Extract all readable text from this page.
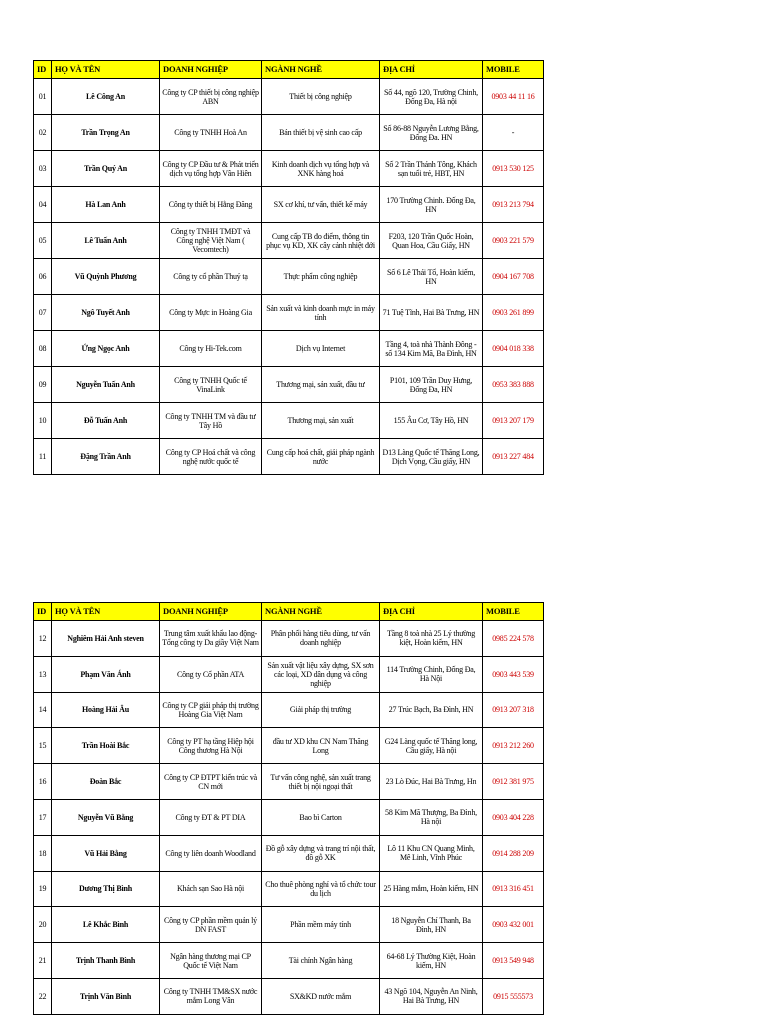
ID	HỌ VÀ TÊN	DOANH NGHIỆP	NGÀNH NGHỀ	ĐỊA CHỈ	MOBILE
01	Lê Công An	Công ty CP thiết bị công nghiệp ABN	Thiết bị công nghiệp	Số 44, ngõ 120, Trường Chinh, Đống Đa, Hà nội	0903 44 11 16
02	Trần Trọng An	Công ty TNHH Hoà An	Bán thiết bị vệ sinh cao cấp	Số 86-88 Nguyễn Lương Bằng, Đống Đa. HN	-
03	Trần Quý An	Công ty CP Đầu tư & Phát triển dịch vụ tổng hợp Vân Hiên	Kinh doanh dịch vụ tổng hợp và XNK hàng hoá	Số 2 Trần Thánh Tông, Khách sạn tuổi trẻ, HBT, HN	0913 530 125
04	Hà Lan Anh	Công ty thiết bị Hằng Đăng	SX cơ khí, tư vấn, thiết kế máy	170 Trường Chinh. Đống Đa, HN	0913 213 794
05	Lê Tuấn Anh	Công ty TNHH TMĐT và Công nghệ Việt Nam ( Vecomtech)	Cung cấp TB đo điểm, thông tin phục vụ KD, XK cây cảnh nhiệt đới	F203, 120 Trần Quốc Hoàn, Quan Hoa, Cầu Giấy, HN	0903 221 579
06	Vũ Quỳnh Phương	Công ty cổ phần Thuỷ tạ	Thực phẩm công nghiệp	Số 6 Lê Thái Tổ, Hoàn kiếm, HN	0904 167 708
07	Ngô Tuyết Anh	Công ty Mực in Hoàng Gia	Sản xuất và kinh doanh mực in máy tính	71 Tuệ Tĩnh, Hai Bà Trưng, HN	0903 261 899
08	Ứng Ngọc Anh	Công ty Hi-Tek.com	Dịch vụ Internet	Tầng 4, toà nhà Thành Đông - số 134 Kim Mã, Ba Đình, HN	0904 018 338
09	Nguyễn Tuấn Anh	Công ty TNHH Quốc tế VinaLink	Thương mại, sản xuất, đầu tư	P101, 109 Trần Duy Hưng, Đống Đa, HN	0953 383 888
10	Đỗ Tuấn Anh	Công ty TNHH TM và đầu tư Tây Hồ	Thương mại, sản xuất	155 Âu Cơ, Tây Hồ, HN	0913 207 179
11	Đặng Trần Anh	Công ty CP Hoá chất và công nghệ nước quốc tế	Cung cấp hoá chất, giải pháp ngành nước	D13 Làng Quốc tế Thăng Long, Dịch Vọng, Cầu giấy, HN	0913 227 484
ID	HỌ VÀ TÊN	DOANH NGHIỆP	NGÀNH NGHỀ	ĐỊA CHỈ	MOBILE
12	Nghiêm Hải Anh steven	Trung tâm xuất khẩu lao động- Tổng công ty Da giầy Việt Nam	Phân phối hàng tiêu dùng, tư vấn doanh nghiệp	Tầng 8 toà nhà 25 Lý thường kiệt, Hoàn kiếm, HN	0985 224 578
13	Phạm Văn Ánh	Công ty Cổ phần ATA	Sản xuất vật liệu xây dựng, SX sơn các loại, XD dân dụng và công nghiệp	114 Trường Chinh, Đống Đa, Hà Nội	0903 443 539
14	Hoàng Hải Âu	Công ty CP giải pháp thị trường Hoàng Gia Việt Nam	Giải pháp thị trường	27 Trúc Bạch, Ba Đình, HN	0913 207 318
15	Trần Hoài Bắc	Công ty PT hạ tầng Hiệp hội Công thương Hà Nội	đầu tư XD khu CN Nam Thăng Long	G24 Làng quốc tế Thăng long, Cầu giấy, Hà nội	0913 212 260
16	Đoàn Bắc	Công ty CP ĐTPT kiến trúc và CN mới	Tư vấn công nghệ, sản xuất trang thiết bị nội ngoại thất	23 Lò Đúc, Hai Bà Trưng, Hn	0912 381 975
17	Nguyễn Vũ Bằng	Công ty ĐT & PT DIA	Bao bì Carton	58 Kim Mã Thượng, Ba Đình, Hà nội	0903 404 228
18	Vũ Hải Bằng	Công ty liên doanh Woodland	Đồ gỗ xây dựng và trang trí nội thất, đồ gỗ XK	Lô 11 Khu CN Quang Minh, Mê Linh, Vĩnh Phúc	0914 288 209
19	Dương Thị Bình	Khách sạn Sao Hà nội	Cho thuê phòng nghỉ và tổ chức tour du lịch	25 Hàng mắm, Hoàn kiếm, HN	0913 316 451
20	Lê Khắc Bình	Công ty CP phần mềm quản lý DN FAST	Phần mềm máy tính	18 Nguyễn Chí Thanh, Ba Đình, HN	0903 432 001
21	Trịnh Thanh Bình	Ngân hàng thương mại CP Quốc tế Việt Nam	Tài chính Ngân hàng	64-68 Lý Thường Kiệt, Hoàn kiếm, HN	0913 549 948
22	Trịnh Văn Bình	Công ty TNHH TM&SX nước mắm Long Vân	SX&KD nước mắm	43 Ngõ 104, Nguyễn An Ninh, Hai Bà Trưng, HN	0915 555573
